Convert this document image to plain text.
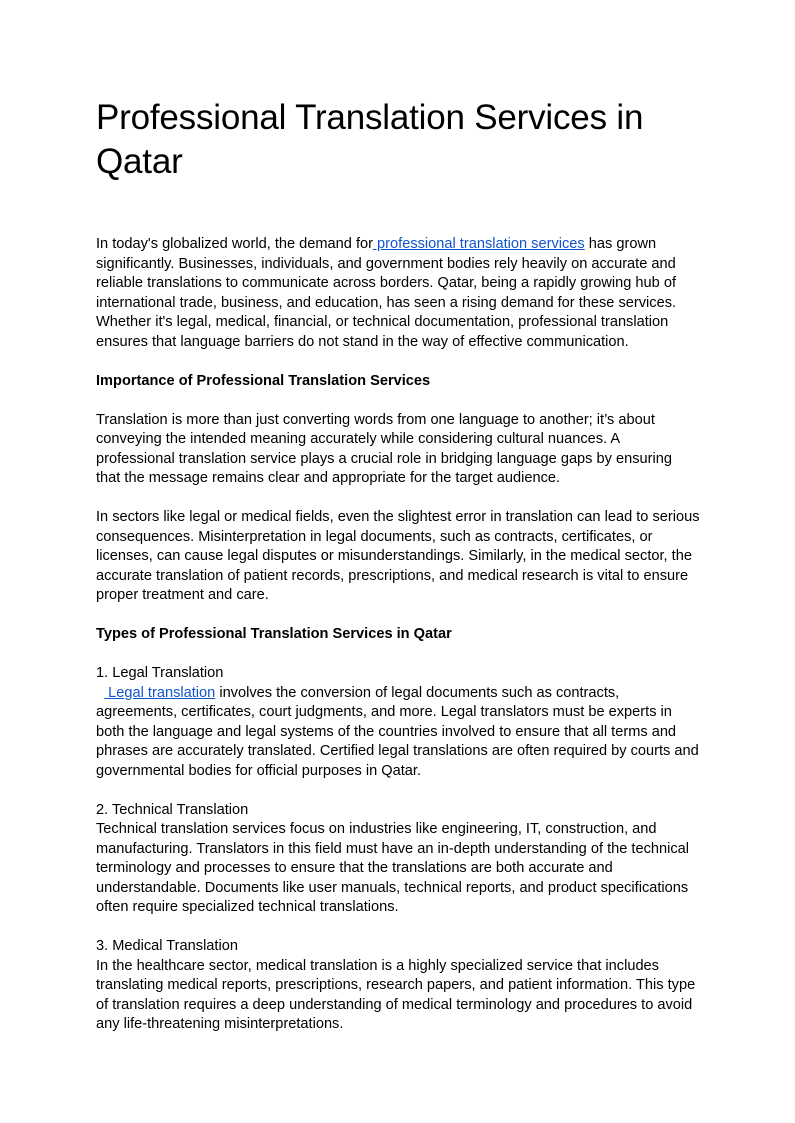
Professional Translation Services in Qatar

In today's globalized world, the demand for professional translation services has grown significantly. Businesses, individuals, and government bodies rely heavily on accurate and reliable translations to communicate across borders. Qatar, being a rapidly growing hub of international trade, business, and education, has seen a rising demand for these services. Whether it's legal, medical, financial, or technical documentation, professional translation ensures that language barriers do not stand in the way of effective communication.

Importance of Professional Translation Services

Translation is more than just converting words from one language to another; it’s about conveying the intended meaning accurately while considering cultural nuances. A professional translation service plays a crucial role in bridging language gaps by ensuring that the message remains clear and appropriate for the target audience.

In sectors like legal or medical fields, even the slightest error in translation can lead to serious consequences. Misinterpretation in legal documents, such as contracts, certificates, or licenses, can cause legal disputes or misunderstandings. Similarly, in the medical sector, the accurate translation of patient records, prescriptions, and medical research is vital to ensure proper treatment and care.

Types of Professional Translation Services in Qatar

1. Legal Translation

Legal translation involves the conversion of legal documents such as contracts, agreements, certificates, court judgments, and more. Legal translators must be experts in both the language and legal systems of the countries involved to ensure that all terms and phrases are accurately translated. Certified legal translations are often required by courts and governmental bodies for official purposes in Qatar.

2. Technical Translation

Technical translation services focus on industries like engineering, IT, construction, and manufacturing. Translators in this field must have an in-depth understanding of the technical terminology and processes to ensure that the translations are both accurate and understandable. Documents like user manuals, technical reports, and product specifications often require specialized technical translations.

3. Medical Translation

In the healthcare sector, medical translation is a highly specialized service that includes translating medical reports, prescriptions, research papers, and patient information. This type of translation requires a deep understanding of medical terminology and procedures to avoid any life-threatening misinterpretations.
